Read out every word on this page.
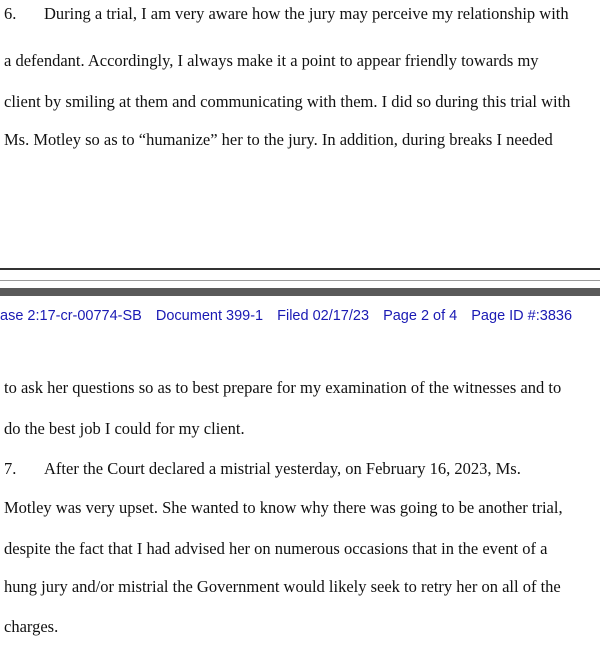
6. During a trial, I am very aware how the jury may perceive my relationship with
a defendant. Accordingly, I always make it a point to appear friendly towards my
client by smiling at them and communicating with them. I did so during this trial with
Ms. Motley so as to “humanize” her to the jury. In addition, during breaks I needed
ase 2:17-cr-00774-SB Document 399-1 Filed 02/17/23 Page 2 of 4 Page ID #:3836
to ask her questions so as to best prepare for my examination of the witnesses and to
do the best job I could for my client.
7. After the Court declared a mistrial yesterday, on February 16, 2023, Ms.
Motley was very upset. She wanted to know why there was going to be another trial,
despite the fact that I had advised her on numerous occasions that in the event of a
hung jury and/or mistrial the Government would likely seek to retry her on all of the
charges.
